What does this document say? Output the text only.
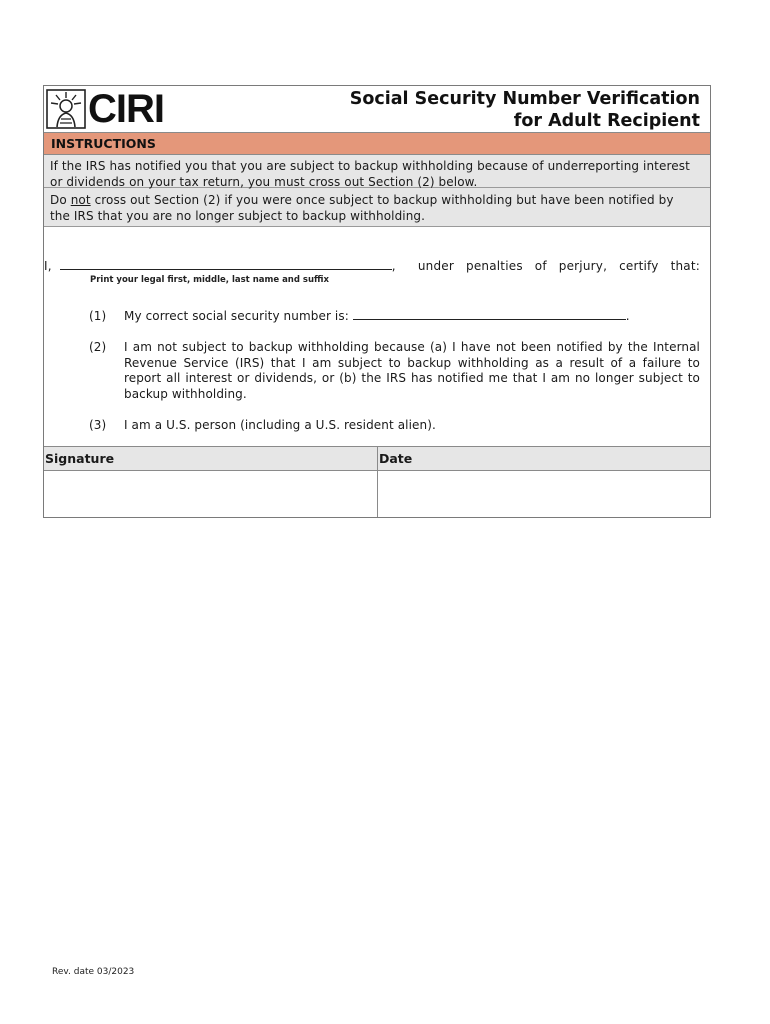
CIRI	Social Security Number Verification
for Adult Recipient
INSTRUCTIONS
If the IRS has notified you that you are subject to backup withholding because of underreporting interest
or dividends on your tax return, you must cross out Section (2) below.
Do not cross out Section (2) if you were once subject to backup withholding but have been notified by
the IRS that you are no longer subject to backup withholding.
I,	, under penalties of perjury, certify that:
Print your legal first, middle, last name and suffix
(1)	My correct social security number is:	.
(2)	I am not subject to backup withholding because (a) I have not been notified by the Internal Revenue Service (IRS) that I am subject to backup withholding as a result of a failure to report all interest or dividends, or (b) the IRS has notified me that I am no longer subject to backup withholding.
(3)	I am a U.S. person (including a U.S. resident alien).
Signature	Date
Rev. date 03/2023
